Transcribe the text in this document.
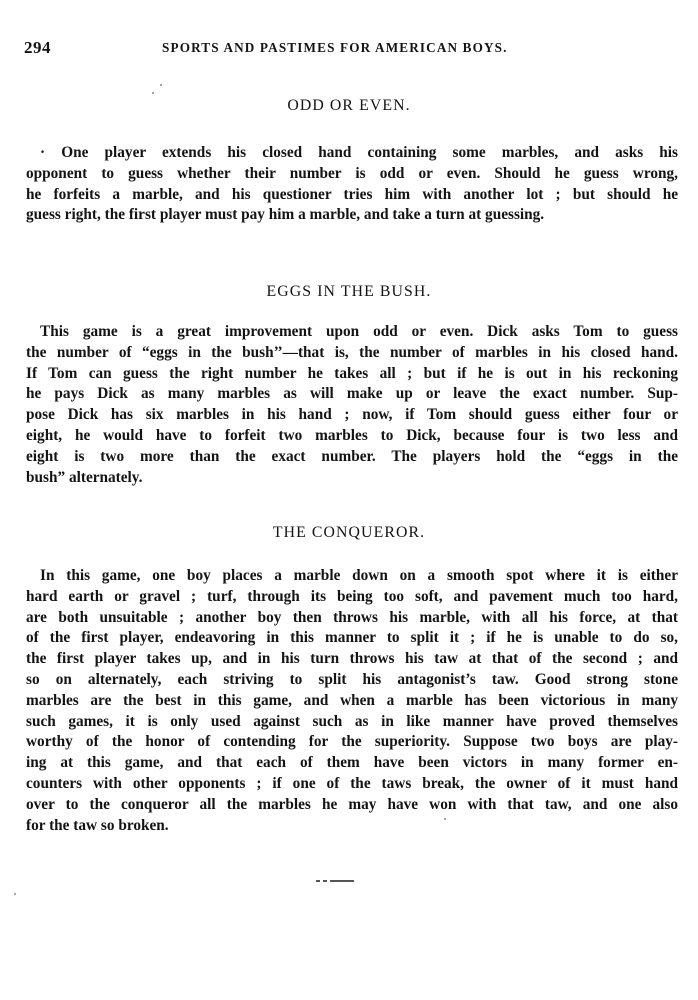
294	SPORTS AND PASTIMES FOR AMERICAN BOYS.
ODD OR EVEN.
· One player extends his closed hand containing some marbles, and asks his
opponent to guess whether their number is odd or even. Should he guess wrong,
he forfeits a marble, and his questioner tries him with another lot ; but should he
guess right, the first player must pay him a marble, and take a turn at guessing.
EGGS IN THE BUSH.
This game is a great improvement upon odd or even. Dick asks Tom to guess
the number of “eggs in the bush’’—that is, the number of marbles in his closed hand.
If Tom can guess the right number he takes all ; but if he is out in his reckoning
he pays Dick as many marbles as will make up or leave the exact number. Sup-
pose Dick has six marbles in his hand ; now, if Tom should guess either four or
eight, he would have to forfeit two marbles to Dick, because four is two less and
eight is two more than the exact number. The players hold the “eggs in the
bush” alternately.
THE CONQUEROR.
In this game, one boy places a marble down on a smooth spot where it is either
hard earth or gravel ; turf, through its being too soft, and pavement much too hard,
are both unsuitable ; another boy then throws his marble, with all his force, at that
of the first player, endeavoring in this manner to split it ; if he is unable to do so,
the first player takes up, and in his turn throws his taw at that of the second ; and
so on alternately, each striving to split his antagonist’s taw. Good strong stone
marbles are the best in this game, and when a marble has been victorious in many
such games, it is only used against such as in like manner have proved themselves
worthy of the honor of contending for the superiority. Suppose two boys are play-
ing at this game, and that each of them have been victors in many former en-
counters with other opponents ; if one of the taws break, the owner of it must hand
over to the conqueror all the marbles he may have won with that taw, and one also
for the taw so broken.
